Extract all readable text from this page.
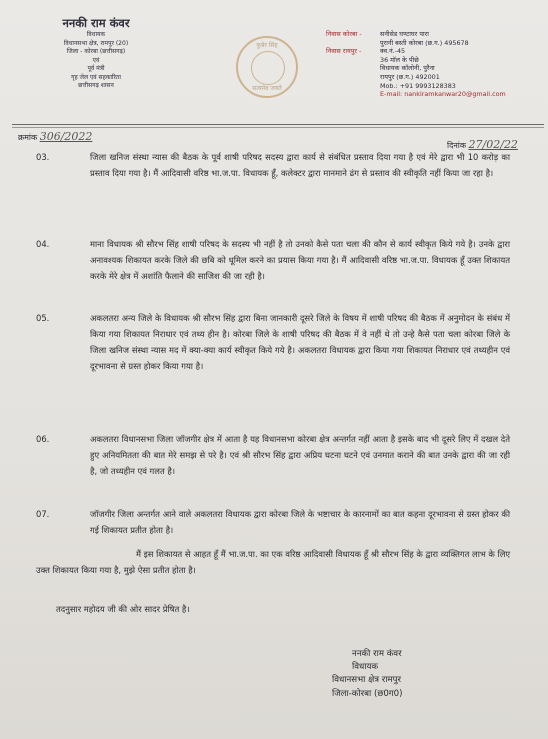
ननकी राम कंवर
विधायक
विधानसभा क्षेत्र, रामपुर (20)
जिला - कोरबा (छत्तीसगढ़)
एवं
पूर्व मंत्री
गृह जेल एवं सहकारिता
छत्तीसगढ़ शासन
कुबेर सिंह
सत्यमेव जयते
निवास कोरबा -	सनीसेड घण्टाघर पारा
पुरानी बस्ती कोरबा (छ.ग.) 495678
निवास रायपुर -	क्व.नं.-45
36 मॉल के पीछे
विधायक कॉलोनी, पुरैना
रायपुर (छ.ग.) 492001
Mob.: +91 9993128383
E-mail: nankiramkanwar20@gmail.com
क्रमांक 306/2022
दिनांक 27/02/22
03.	जिला खनिज संस्था न्यास की बैठक के पूर्व शाषी परिषद सदस्य द्वारा कार्य से संबंधित प्रस्ताव दिया गया है एवं मेरे द्वारा भी 10 करोड़ का प्रस्ताव दिया गया है। मैं आदिवासी वरिष्ठ भा.ज.पा. विधायक हूँ, कलेक्टर द्वारा मानमाने ढंग से प्रस्ताव की स्वीकृति नहीं किया जा रहा है।
04.	माना विधायक श्री सौरभ सिंह शाषी परिषद के सदस्य भी नहीं है तो उनको कैसे पता चला की कौन से कार्य स्वीकृत किये गये है। उनके द्वारा अनावश्यक शिकायत करके जिले की छबि को धूमिल करने का प्रयास किया गया है। मैं आदिवासी वरिष्ठ भा.ज.पा. विधायक हूँ उक्त शिकायत करके मेरे क्षेत्र में अशांति फैलाने की साजिश की जा रही है।
05.	अकलतरा अन्य जिले के विधायक श्री सौरभ सिंह द्वारा बिना जानकारी दूसरे जिले के विषय में शाषी परिषद की बैठक में अनुमोदन के संबंध में किया गया शिकायत निराधार एवं तथ्य हीन है। कोरबा जिले के शाषी परिषद की बैठक में वे नहीं थे तो उन्हे कैसे पता चला कोरबा जिले के जिला खनिज संस्था न्यास मद में क्या-क्या कार्य स्वीकृत किये गये है। अकलतरा विधायक द्वारा किया गया शिकायत निराधार एवं तथ्यहीन एवं दूरभावना से ग्रस्त होकर किया गया है।
06.	अकलतरा विधानसभा जिला जॉजगीर क्षेत्र में आता है यह विधानसभा कोरबा क्षेत्र अन्तर्गत नहीं आता है इसके बाद भी दूसरे लिए में दखल देते हुए अनियमितता की बात मेरे समझ से परे है। एवं श्री सौरभ सिंह द्वारा अप्रिय घटना घटने एवं उनमात कराने की बात उनके द्वारा की जा रही है, जो तथ्यहीन एवं गलत है।
07.	जॉजगीर जिला अन्तर्गत आने वाले अकलतरा विधायक द्वारा कोरबा जिले के भष्टाचार के कारनामों का बात कहना दूरभावना से ग्रस्त होकर की गई शिकायत प्रतीत होता है।
मैं इस शिकायत से आहत हूँ मैं भा.ज.पा. का एक वरिष्ठ आदिवासी विधायक हूँ श्री सौरभ सिंह के द्वारा व्यक्तिगत लाभ के लिए उक्त शिकायत किया गया है, मुझे ऐसा प्रतीत होता है।
तदनुसार महोदय जी की ओर सादर प्रेषित है।
ननकी राम कंवर
विधायक
विधानसभा क्षेत्र रामपुर
जिला-कोरबा (छ0ग0)
